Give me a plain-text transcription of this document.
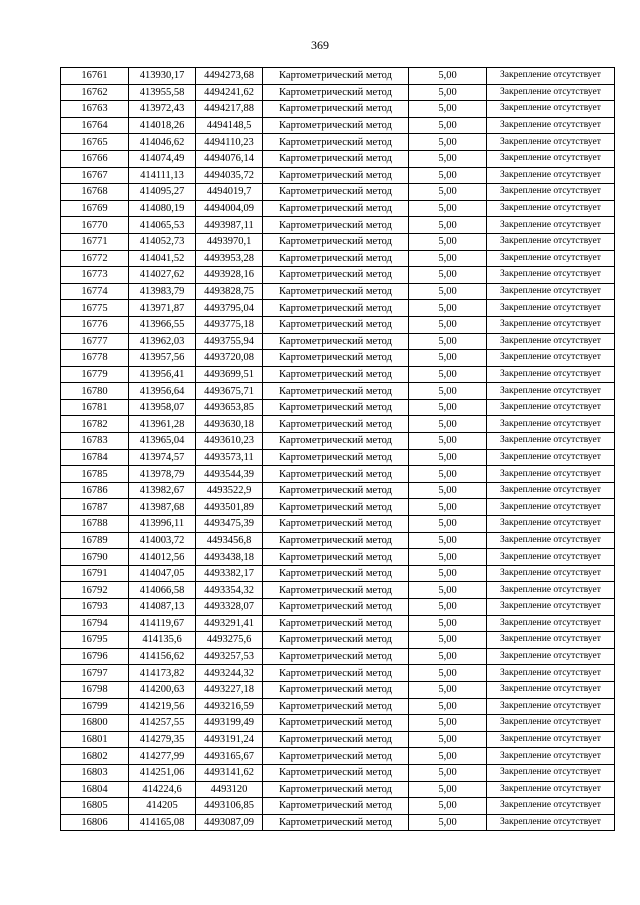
369
16761	413930,17	4494273,68	Картометрический метод	5,00	Закрепление отсутствует
16762	413955,58	4494241,62	Картометрический метод	5,00	Закрепление отсутствует
16763	413972,43	4494217,88	Картометрический метод	5,00	Закрепление отсутствует
16764	414018,26	4494148,5	Картометрический метод	5,00	Закрепление отсутствует
16765	414046,62	4494110,23	Картометрический метод	5,00	Закрепление отсутствует
16766	414074,49	4494076,14	Картометрический метод	5,00	Закрепление отсутствует
16767	414111,13	4494035,72	Картометрический метод	5,00	Закрепление отсутствует
16768	414095,27	4494019,7	Картометрический метод	5,00	Закрепление отсутствует
16769	414080,19	4494004,09	Картометрический метод	5,00	Закрепление отсутствует
16770	414065,53	4493987,11	Картометрический метод	5,00	Закрепление отсутствует
16771	414052,73	4493970,1	Картометрический метод	5,00	Закрепление отсутствует
16772	414041,52	4493953,28	Картометрический метод	5,00	Закрепление отсутствует
16773	414027,62	4493928,16	Картометрический метод	5,00	Закрепление отсутствует
16774	413983,79	4493828,75	Картометрический метод	5,00	Закрепление отсутствует
16775	413971,87	4493795,04	Картометрический метод	5,00	Закрепление отсутствует
16776	413966,55	4493775,18	Картометрический метод	5,00	Закрепление отсутствует
16777	413962,03	4493755,94	Картометрический метод	5,00	Закрепление отсутствует
16778	413957,56	4493720,08	Картометрический метод	5,00	Закрепление отсутствует
16779	413956,41	4493699,51	Картометрический метод	5,00	Закрепление отсутствует
16780	413956,64	4493675,71	Картометрический метод	5,00	Закрепление отсутствует
16781	413958,07	4493653,85	Картометрический метод	5,00	Закрепление отсутствует
16782	413961,28	4493630,18	Картометрический метод	5,00	Закрепление отсутствует
16783	413965,04	4493610,23	Картометрический метод	5,00	Закрепление отсутствует
16784	413974,57	4493573,11	Картометрический метод	5,00	Закрепление отсутствует
16785	413978,79	4493544,39	Картометрический метод	5,00	Закрепление отсутствует
16786	413982,67	4493522,9	Картометрический метод	5,00	Закрепление отсутствует
16787	413987,68	4493501,89	Картометрический метод	5,00	Закрепление отсутствует
16788	413996,11	4493475,39	Картометрический метод	5,00	Закрепление отсутствует
16789	414003,72	4493456,8	Картометрический метод	5,00	Закрепление отсутствует
16790	414012,56	4493438,18	Картометрический метод	5,00	Закрепление отсутствует
16791	414047,05	4493382,17	Картометрический метод	5,00	Закрепление отсутствует
16792	414066,58	4493354,32	Картометрический метод	5,00	Закрепление отсутствует
16793	414087,13	4493328,07	Картометрический метод	5,00	Закрепление отсутствует
16794	414119,67	4493291,41	Картометрический метод	5,00	Закрепление отсутствует
16795	414135,6	4493275,6	Картометрический метод	5,00	Закрепление отсутствует
16796	414156,62	4493257,53	Картометрический метод	5,00	Закрепление отсутствует
16797	414173,82	4493244,32	Картометрический метод	5,00	Закрепление отсутствует
16798	414200,63	4493227,18	Картометрический метод	5,00	Закрепление отсутствует
16799	414219,56	4493216,59	Картометрический метод	5,00	Закрепление отсутствует
16800	414257,55	4493199,49	Картометрический метод	5,00	Закрепление отсутствует
16801	414279,35	4493191,24	Картометрический метод	5,00	Закрепление отсутствует
16802	414277,99	4493165,67	Картометрический метод	5,00	Закрепление отсутствует
16803	414251,06	4493141,62	Картометрический метод	5,00	Закрепление отсутствует
16804	414224,6	4493120	Картометрический метод	5,00	Закрепление отсутствует
16805	414205	4493106,85	Картометрический метод	5,00	Закрепление отсутствует
16806	414165,08	4493087,09	Картометрический метод	5,00	Закрепление отсутствует
